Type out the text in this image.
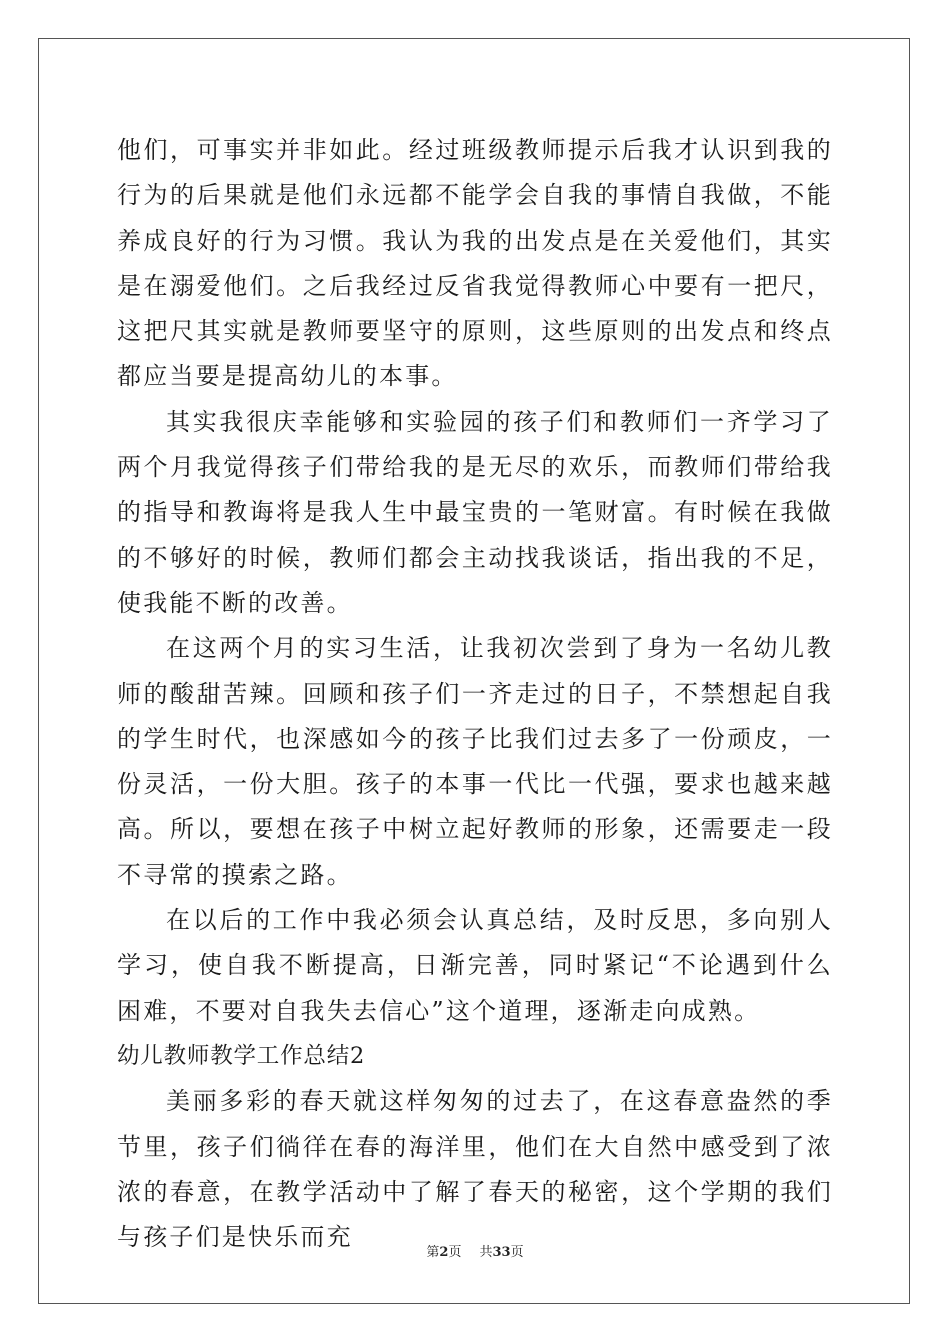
他们，可事实并非如此。经过班级教师提示后我才认识到我的行为的后果就是他们永远都不能学会自我的事情自我做，不能养成良好的行为习惯。我认为我的出发点是在关爱他们，其实是在溺爱他们。之后我经过反省我觉得教师心中要有一把尺，这把尺其实就是教师要坚守的原则，这些原则的出发点和终点都应当要是提高幼儿的本事。

其实我很庆幸能够和实验园的孩子们和教师们一齐学习了两个月我觉得孩子们带给我的是无尽的欢乐，而教师们带给我的指导和教诲将是我人生中最宝贵的一笔财富。有时候在我做的不够好的时候，教师们都会主动找我谈话，指出我的不足，使我能不断的改善。

在这两个月的实习生活，让我初次尝到了身为一名幼儿教师的酸甜苦辣。回顾和孩子们一齐走过的日子，不禁想起自我的学生时代，也深感如今的孩子比我们过去多了一份顽皮，一份灵活，一份大胆。孩子的本事一代比一代强，要求也越来越高。所以，要想在孩子中树立起好教师的形象，还需要走一段不寻常的摸索之路。

在以后的工作中我必须会认真总结，及时反思，多向别人学习，使自我不断提高，日渐完善，同时紧记“不论遇到什么困难，不要对自我失去信心”这个道理，逐渐走向成熟。

幼儿教师教学工作总结2

美丽多彩的春天就这样匆匆的过去了，在这春意盎然的季节里，孩子们徜徉在春的海洋里，他们在大自然中感受到了浓浓的春意，在教学活动中了解了春天的秘密，这个学期的我们与孩子们是快乐而充

第2页 共33页
